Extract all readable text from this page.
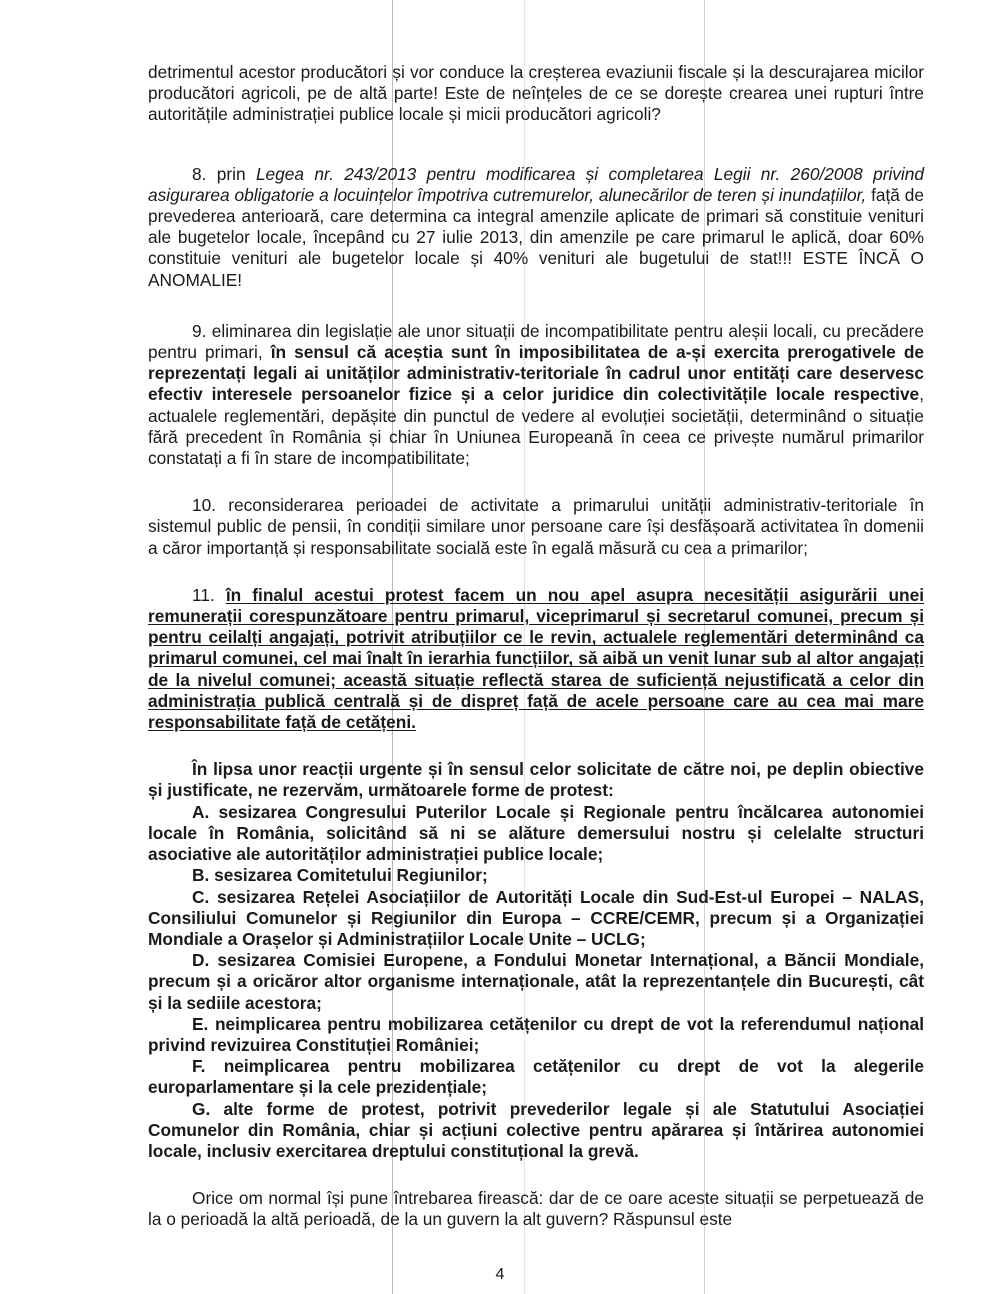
detrimentul acestor producători și vor conduce la creșterea evaziunii fiscale și la descurajarea micilor producători agricoli, pe de altă parte! Este de neînțeles de ce se dorește crearea unei rupturi între autoritățile administrației publice locale și micii producători agricoli?

8. prin Legea nr. 243/2013 pentru modificarea și completarea Legii nr. 260/2008 privind asigurarea obligatorie a locuințelor împotriva cutremurelor, alunecărilor de teren și inundațiilor, față de prevederea anterioară, care determina ca integral amenzile aplicate de primari să constituie venituri ale bugetelor locale, începând cu 27 iulie 2013, din amenzile pe care primarul le aplică, doar 60% constituie venituri ale bugetelor locale și 40% venituri ale bugetului de stat!!! ESTE ÎNCĂ O ANOMALIE!

9. eliminarea din legislație ale unor situații de incompatibilitate pentru aleșii locali, cu precădere pentru primari, în sensul că aceștia sunt în imposibilitatea de a-și exercita prerogativele de reprezentați legali ai unităților administrativ-teritoriale în cadrul unor entități care deservesc efectiv interesele persoanelor fizice și a celor juridice din colectivitățile locale respective, actualele reglementări, depășite din punctul de vedere al evoluției societății, determinând o situație fără precedent în România și chiar în Uniunea Europeană în ceea ce privește numărul primarilor constatați a fi în stare de incompatibilitate;

10. reconsiderarea perioadei de activitate a primarului unității administrativ-teritoriale în sistemul public de pensii, în condiții similare unor persoane care își desfășoară activitatea în domenii a căror importanță și responsabilitate socială este în egală măsură cu cea a primarilor;

11. în finalul acestui protest facem un nou apel asupra necesității asigurării unei remunerații corespunzătoare pentru primarul, viceprimarul și secretarul comunei, precum și pentru ceilalți angajați, potrivit atribuțiilor ce le revin, actualele reglementări determinând ca primarul comunei, cel mai înalt în ierarhia funcțiilor, să aibă un venit lunar sub al altor angajați de la nivelul comunei; această situație reflectă starea de suficiență nejustificată a celor din administrația publică centrală și de dispreț față de acele persoane care au cea mai mare responsabilitate față de cetățeni.

În lipsa unor reacții urgente și în sensul celor solicitate de către noi, pe deplin obiective și justificate, ne rezervăm, următoarele forme de protest:

A. sesizarea Congresului Puterilor Locale și Regionale pentru încălcarea autonomiei locale în România, solicitând să ni se alăture demersului nostru și celelalte structuri asociative ale autorităților administrației publice locale;

B. sesizarea Comitetului Regiunilor;

C. sesizarea Rețelei Asociațiilor de Autorități Locale din Sud-Est-ul Europei – NALAS, Consiliului Comunelor și Regiunilor din Europa – CCRE/CEMR, precum și a Organizației Mondiale a Orașelor și Administrațiilor Locale Unite – UCLG;

D. sesizarea Comisiei Europene, a Fondului Monetar Internațional, a Băncii Mondiale, precum și a oricăror altor organisme internaționale, atât la reprezentanțele din București, cât și la sediile acestora;

E. neimplicarea pentru mobilizarea cetățenilor cu drept de vot la referendumul național privind revizuirea Constituției României;

F. neimplicarea pentru mobilizarea cetățenilor cu drept de vot la alegerile europarlamentare și la cele prezidențiale;

G. alte forme de protest, potrivit prevederilor legale și ale Statutului Asociației Comunelor din România, chiar și acțiuni colective pentru apărarea și întărirea autonomiei locale, inclusiv exercitarea dreptului constituțional la grevă.

Orice om normal își pune întrebarea firească: dar de ce oare aceste situații se perpetuează de la o perioadă la altă perioadă, de la un guvern la alt guvern? Răspunsul este

4
